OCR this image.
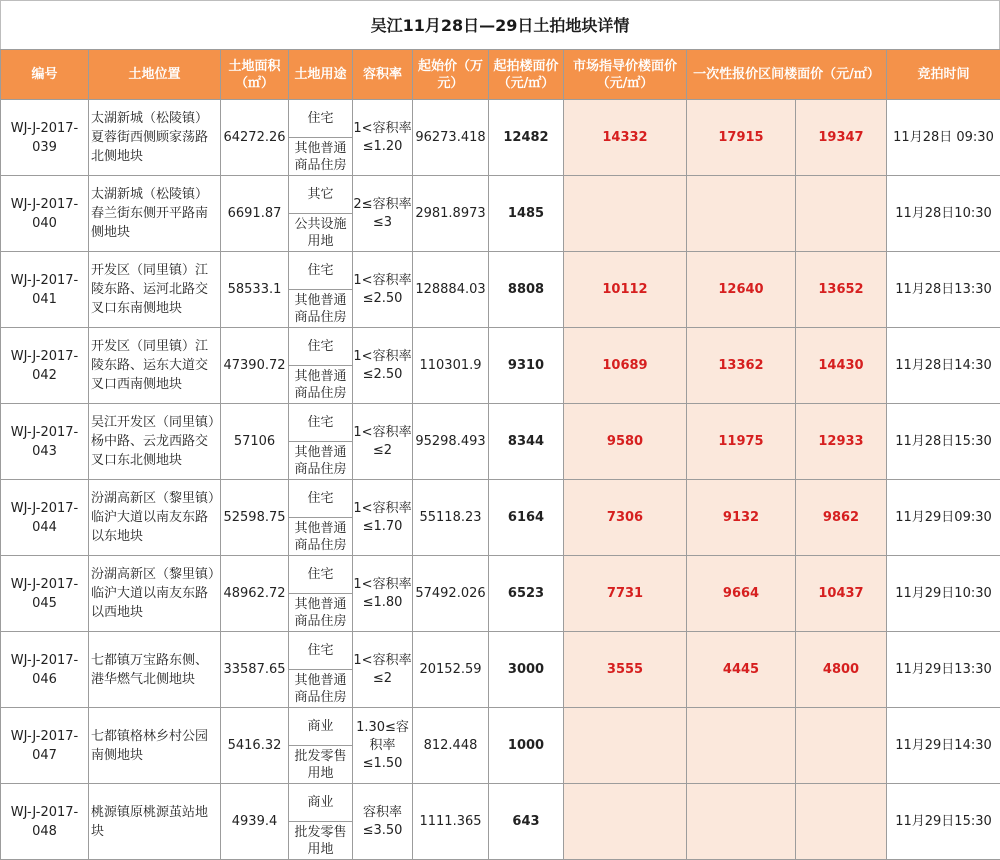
吴江11月28日—29日土拍地块详情
编号	土地位置	土地面积（㎡）	土地用途	容积率	起始价（万元）	起拍楼面价（元/㎡）	市场指导价楼面价（元/㎡）	一次性报价区间楼面价（元/㎡）		竞拍时间
WJ-J-2017-039	太湖新城（松陵镇）夏蓉街西侧顾家荡路北侧地块	64272.26	住宅	1<容积率≤1.20	96273.418	12482	14332	17915	19347	11月28日 09:30
			其他普通商品住房							
WJ-J-2017-040	太湖新城（松陵镇）春兰街东侧开平路南侧地块	6691.87	其它	2≤容积率≤3	2981.8973	1485				11月28日10:30
			公共设施用地							
WJ-J-2017-041	开发区（同里镇）江陵东路、运河北路交叉口东南侧地块	58533.1	住宅	1<容积率≤2.50	128884.03	8808	10112	12640	13652	11月28日13:30
			其他普通商品住房							
WJ-J-2017-042	开发区（同里镇）江陵东路、运东大道交叉口西南侧地块	47390.72	住宅	1<容积率≤2.50	110301.9	9310	10689	13362	14430	11月28日14:30
			其他普通商品住房							
WJ-J-2017-043	吴江开发区（同里镇）杨中路、云龙西路交叉口东北侧地块	57106	住宅	1<容积率≤2	95298.493	8344	9580	11975	12933	11月28日15:30
			其他普通商品住房							
WJ-J-2017-044	汾湖高新区（黎里镇）临沪大道以南友东路以东地块	52598.75	住宅	1<容积率≤1.70	55118.23	6164	7306	9132	9862	11月29日09:30
			其他普通商品住房							
WJ-J-2017-045	汾湖高新区（黎里镇）临沪大道以南友东路以西地块	48962.72	住宅	1<容积率≤1.80	57492.026	6523	7731	9664	10437	11月29日10:30
			其他普通商品住房							
WJ-J-2017-046	七都镇万宝路东侧、港华燃气北侧地块	33587.65	住宅	1<容积率≤2	20152.59	3000	3555	4445	4800	11月29日13:30
			其他普通商品住房							
WJ-J-2017-047	七都镇格林乡村公园南侧地块	5416.32	商业	1.30≤容积率≤1.50	812.448	1000				11月29日14:30
			批发零售用地							
WJ-J-2017-048	桃源镇原桃源茧站地块	4939.4	商业	容积率≤3.50	1111.365	643				11月29日15:30
			批发零售用地							
